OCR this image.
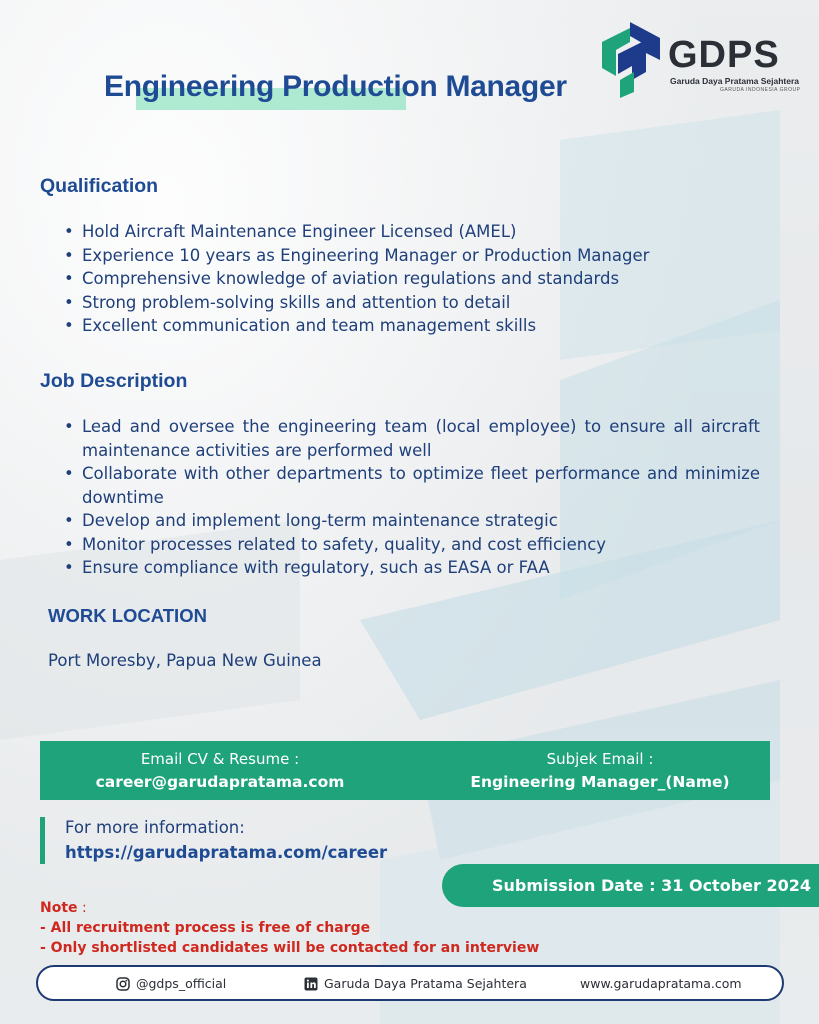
GDPS
Garuda Daya Pratama Sejahtera
GARUDA INDONESIA GROUP
Engineering Production Manager
Qualification
• Hold Aircraft Maintenance Engineer Licensed (AMEL)
• Experience 10 years as Engineering Manager or Production Manager
• Comprehensive knowledge of aviation regulations and standards
• Strong problem-solving skills and attention to detail
• Excellent communication and team management skills
Job Description
• Lead and oversee the engineering team (local employee) to ensure all aircraft maintenance activities are performed well
• Collaborate with other departments to optimize fleet performance and minimize downtime
• Develop and implement long-term maintenance strategic
• Monitor processes related to safety, quality, and cost efficiency
• Ensure compliance with regulatory, such as EASA or FAA
WORK LOCATION
Port Moresby, Papua New Guinea
Email CV & Resume :
career@garudapratama.com
Subjek Email :
Engineering Manager_(Name)
For more information:
https://garudapratama.com/career
Submission Date : 31 October 2024
Note :
- All recruitment process is free of charge
- Only shortlisted candidates will be contacted for an interview
@gdps_official	Garuda Daya Pratama Sejahtera	www.garudapratama.com
